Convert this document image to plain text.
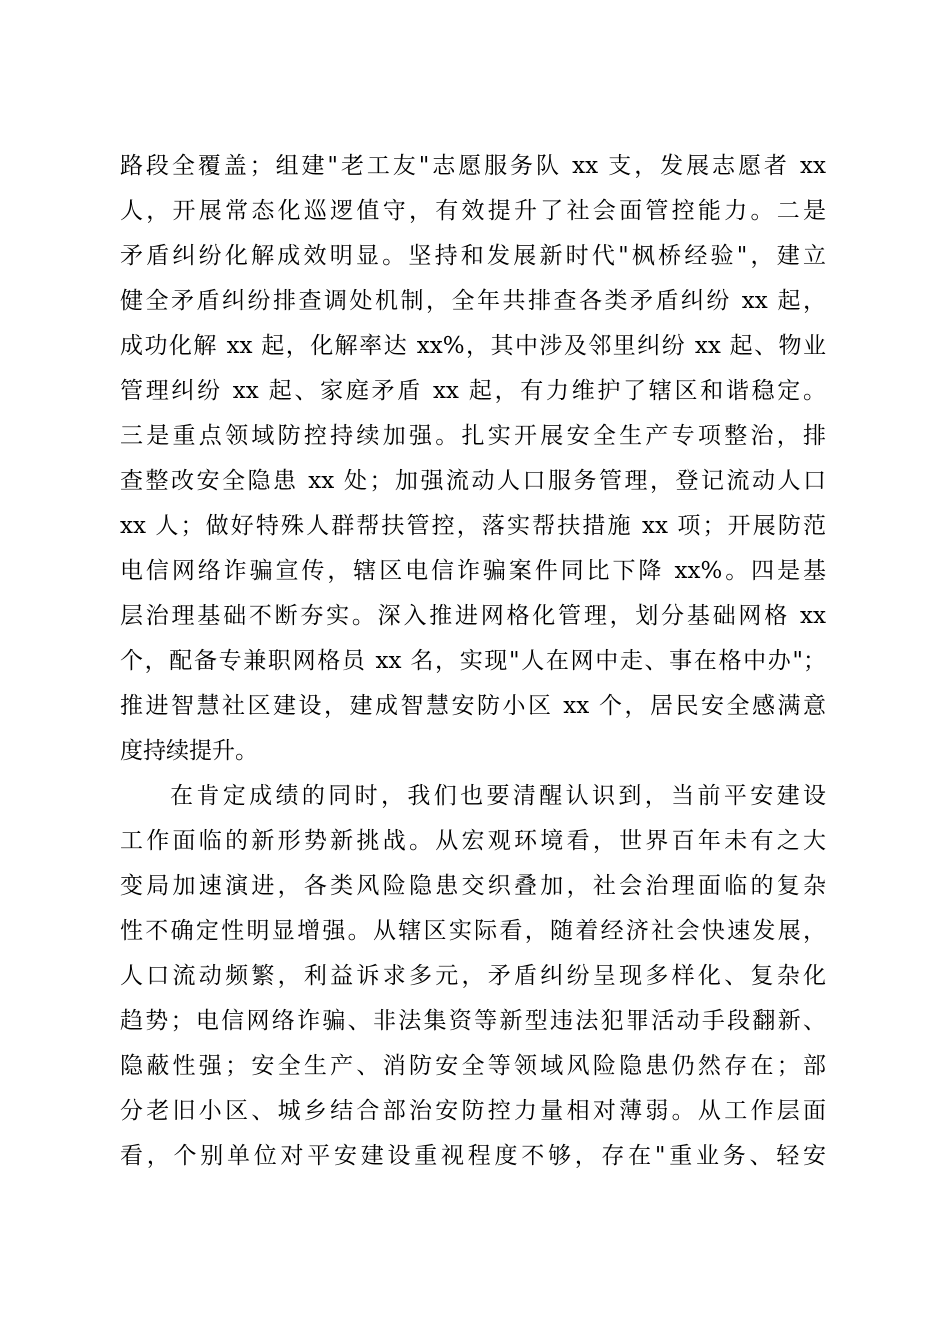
路段全覆盖；组建"老工友"志愿服务队 xx 支，发展志愿者 xx
人，开展常态化巡逻值守，有效提升了社会面管控能力。二是
矛盾纠纷化解成效明显。坚持和发展新时代"枫桥经验"，建立
健全矛盾纠纷排查调处机制，全年共排查各类矛盾纠纷 xx 起，
成功化解 xx 起，化解率达 xx%，其中涉及邻里纠纷 xx 起、物业
管理纠纷 xx 起、家庭矛盾 xx 起，有力维护了辖区和谐稳定。
三是重点领域防控持续加强。扎实开展安全生产专项整治，排
查整改安全隐患 xx 处；加强流动人口服务管理，登记流动人口
xx 人；做好特殊人群帮扶管控，落实帮扶措施 xx 项；开展防范
电信网络诈骗宣传，辖区电信诈骗案件同比下降 xx%。四是基
层治理基础不断夯实。深入推进网格化管理，划分基础网格 xx
个，配备专兼职网格员 xx 名，实现"人在网中走、事在格中办"；
推进智慧社区建设，建成智慧安防小区 xx 个，居民安全感满意
度持续提升。
在肯定成绩的同时，我们也要清醒认识到，当前平安建设
工作面临的新形势新挑战。从宏观环境看，世界百年未有之大
变局加速演进，各类风险隐患交织叠加，社会治理面临的复杂
性不确定性明显增强。从辖区实际看，随着经济社会快速发展，
人口流动频繁，利益诉求多元，矛盾纠纷呈现多样化、复杂化
趋势；电信网络诈骗、非法集资等新型违法犯罪活动手段翻新、
隐蔽性强；安全生产、消防安全等领域风险隐患仍然存在；部
分老旧小区、城乡结合部治安防控力量相对薄弱。从工作层面
看，个别单位对平安建设重视程度不够，存在"重业务、轻安
